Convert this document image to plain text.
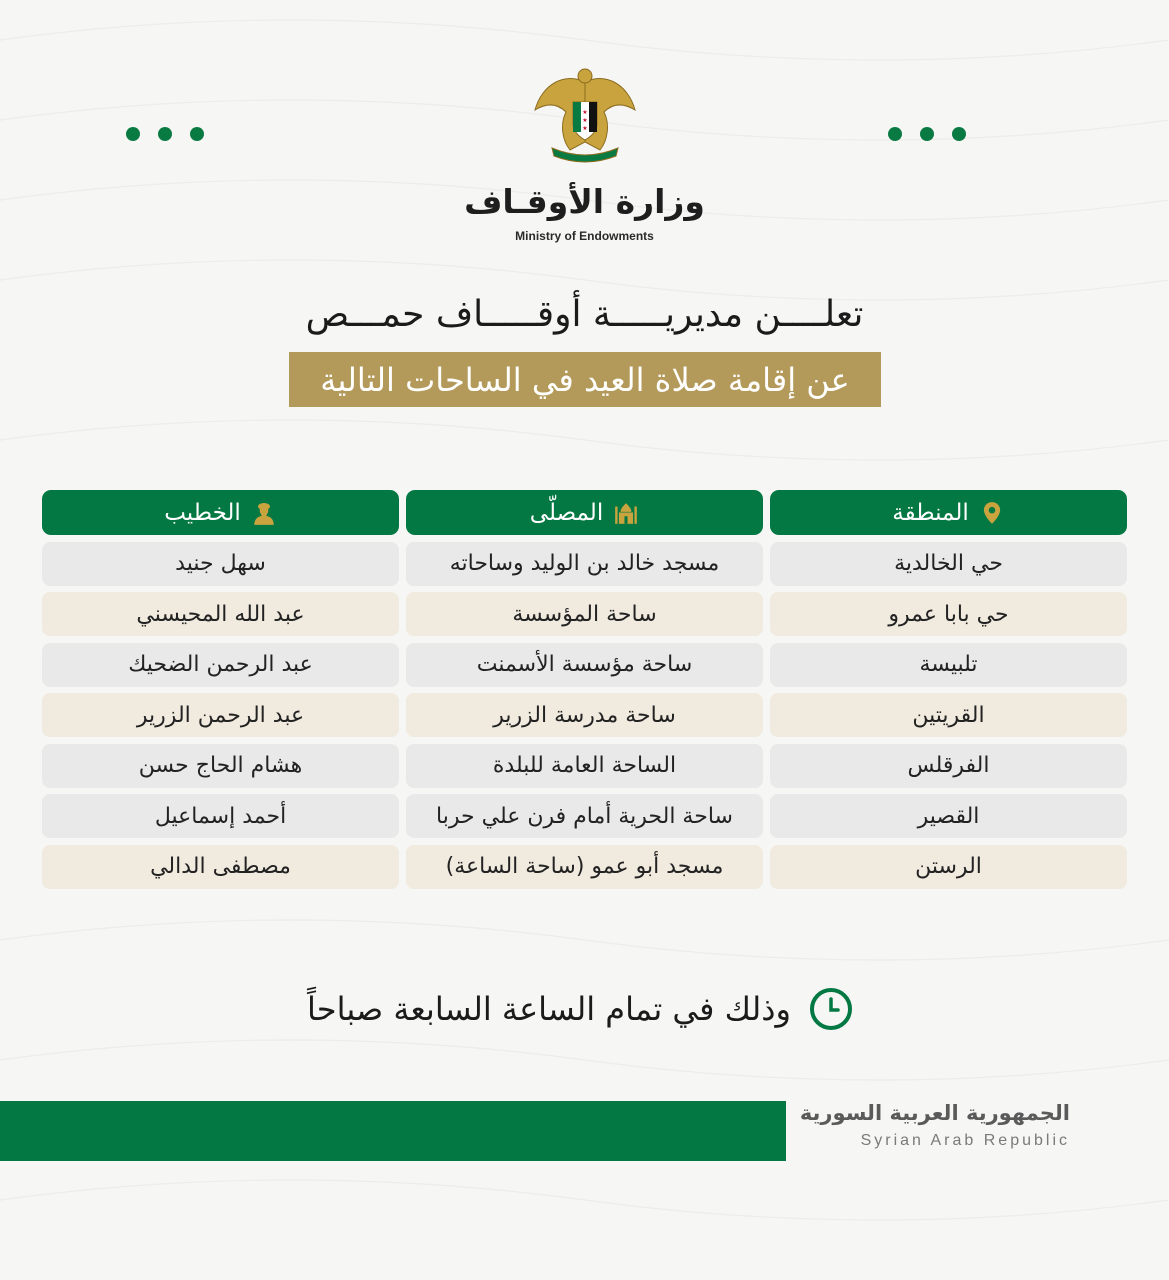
★
★
★
وزارة الأوقـاف
Ministry of Endowments
تعلــــن مديريـــــة أوقـــــاف حمـــص
عن إقامة صلاة العيد في الساحات التالية
المنطقة
حي الخالدية
حي بابا عمرو
تلبيسة
القريتين
الفرقلس
القصير
الرستن
المصلّى
مسجد خالد بن الوليد وساحاته
ساحة المؤسسة
ساحة مؤسسة الأسمنت
ساحة مدرسة الزرير
الساحة العامة للبلدة
ساحة الحرية أمام فرن علي حربا
مسجد أبو عمو (ساحة الساعة)
الخطيب
سهل جنيد
عبد الله المحيسني
عبد الرحمن الضحيك
عبد الرحمن الزرير
هشام الحاج حسن
أحمد إسماعيل
مصطفى الدالي
وذلك في تمام الساعة السابعة صباحاً
الجمهورية العربية السورية
Syrian Arab Republic
